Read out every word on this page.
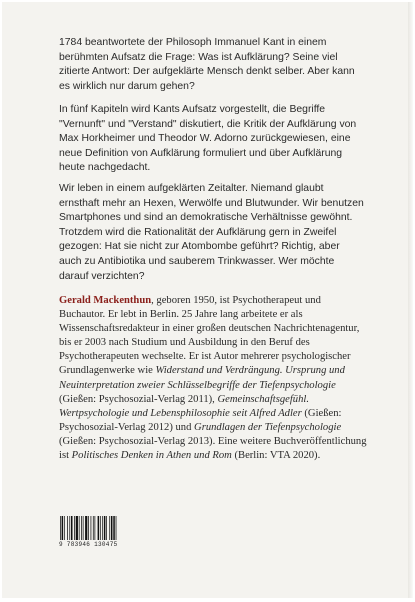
1784 beantwortete der Philosoph Immanuel Kant in einem berühmten Aufsatz die Frage: Was ist Aufklärung? Seine viel zitierte Antwort: Der aufgeklärte Mensch denkt selber. Aber kann es wirklich nur darum gehen?

In fünf Kapiteln wird Kants Aufsatz vorgestellt, die Begriffe "Vernunft" und "Verstand" diskutiert, die Kritik der Aufklärung von Max Horkheimer und Theodor W. Adorno zurückgewiesen, eine neue Definition von Aufklärung formuliert und über Aufklärung heute nachgedacht.

Wir leben in einem aufgeklärten Zeitalter. Niemand glaubt ernsthaft mehr an Hexen, Werwölfe und Blutwunder. Wir benutzen Smartphones und sind an demokratische Verhältnisse gewöhnt. Trotzdem wird die Rationalität der Aufklärung gern in Zweifel gezogen: Hat sie nicht zur Atombombe geführt? Richtig, aber auch zu Antibiotika und sauberem Trinkwasser. Wer möchte darauf verzichten?

Gerald Mackenthun, geboren 1950, ist Psychotherapeut und Buchautor. Er lebt in Berlin. 25 Jahre lang arbeitete er als Wissenschaftsredakteur in einer großen deutschen Nachrichtenagentur, bis er 2003 nach Studium und Ausbildung in den Beruf des Psychotherapeuten wechselte. Er ist Autor mehrerer psychologischer Grundlagenwerke wie Widerstand und Verdrängung. Ursprung und Neuinterpretation zweier Schlüsselbegriffe der Tiefenpsychologie (Gießen: Psychosozial-Verlag 2011), Gemeinschaftsgefühl. Wertpsychologie und Lebensphilosophie seit Alfred Adler (Gießen: Psychosozial-Verlag 2012) und Grundlagen der Tiefenpsychologie (Gießen: Psychosozial-Verlag 2013). Eine weitere Buchveröffentlichung ist Politisches Denken in Athen und Rom (Berlin: VTA 2020).
9 783946 130475
